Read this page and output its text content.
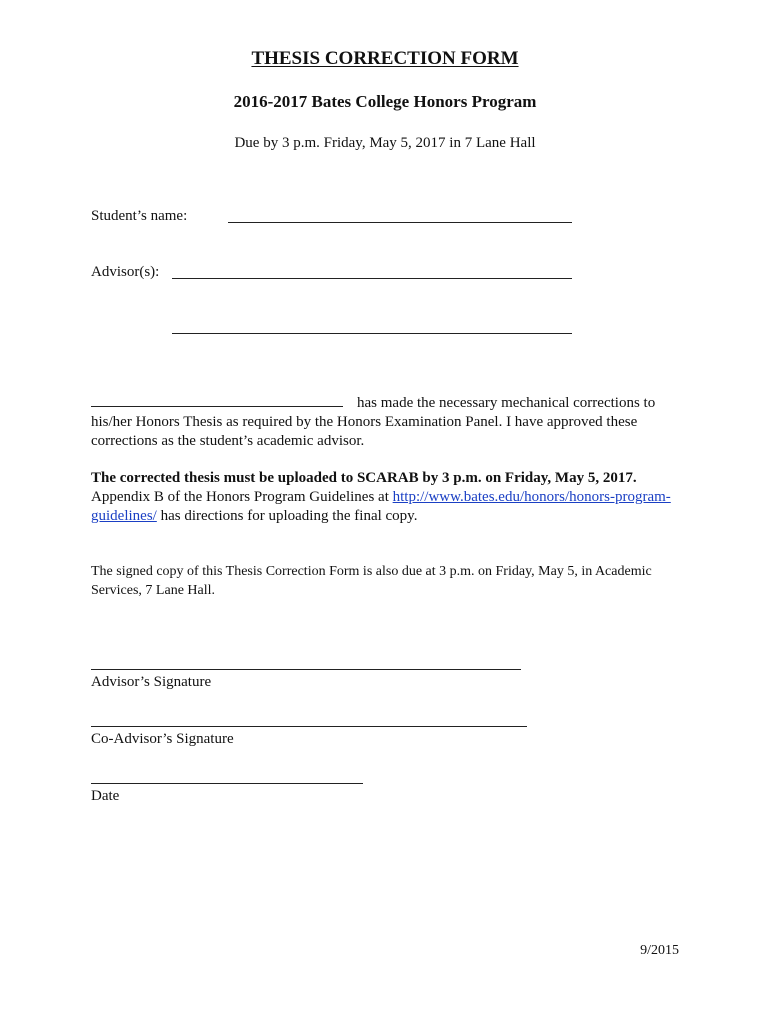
THESIS CORRECTION FORM
2016-2017 Bates College Honors Program
Due by 3 p.m. Friday, May 5, 2017 in 7 Lane Hall
Student’s name:
Advisor(s):
has made the necessary mechanical corrections to his/her Honors Thesis as required by the Honors Examination Panel. I have approved these corrections as the student’s academic advisor.
The corrected thesis must be uploaded to SCARAB by 3 p.m. on Friday, May 5, 2017. Appendix B of the Honors Program Guidelines at http://www.bates.edu/honors/honors-program-guidelines/ has directions for uploading the final copy.
The signed copy of this Thesis Correction Form is also due at 3 p.m. on Friday, May 5, in Academic Services, 7 Lane Hall.
Advisor’s Signature
Co-Advisor’s Signature
Date
9/2015
